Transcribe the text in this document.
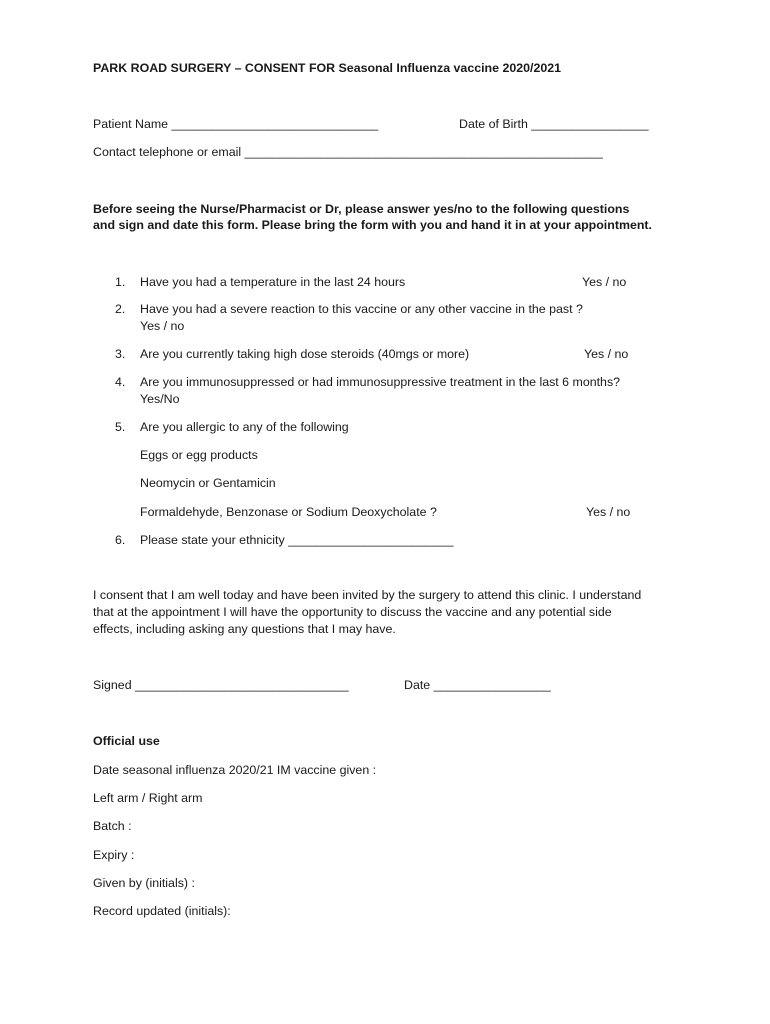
PARK ROAD SURGERY – CONSENT FOR Seasonal Influenza vaccine 2020/2021
Patient Name ______________________________	Date of Birth _________________
Contact telephone or email ____________________________________________________
Before seeing the Nurse/Pharmacist or Dr, please answer yes/no to the following questions
and sign and date this form. Please bring the form with you and hand it in at your appointment.
1. Have you had a temperature in the last 24 hours	Yes / no
2. Have you had a severe reaction to this vaccine or any other vaccine in the past ?
Yes / no
3. Are you currently taking high dose steroids (40mgs or more)	Yes / no
4. Are you immunosuppressed or had immunosuppressive treatment in the last 6 months?
Yes/No
5. Are you allergic to any of the following
Eggs or egg products
Neomycin or Gentamicin
Formaldehyde, Benzonase or Sodium Deoxycholate ?	Yes / no
6. Please state your ethnicity ________________________
I consent that I am well today and have been invited by the surgery to attend this clinic. I understand
that at the appointment I will have the opportunity to discuss the vaccine and any potential side
effects, including asking any questions that I may have.
Signed _______________________________	Date _________________
Official use
Date seasonal influenza 2020/21 IM vaccine given :
Left arm / Right arm
Batch :
Expiry :
Given by (initials) :
Record updated (initials):
